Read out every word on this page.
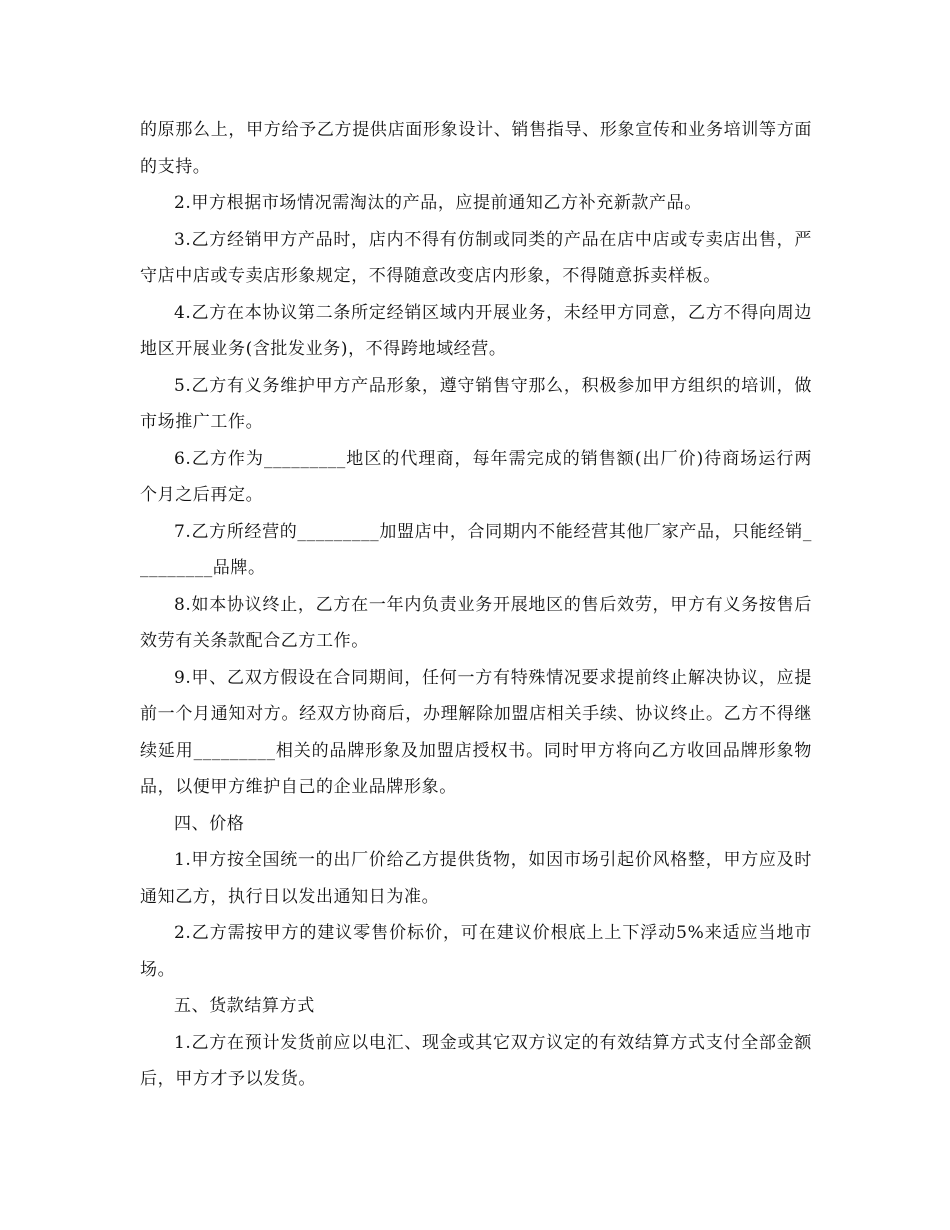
的原那么上，甲方给予乙方提供店面形象设计、销售指导、形象宣传和业务培训等方面的支持。

2.甲方根据市场情况需淘汰的产品，应提前通知乙方补充新款产品。

3.乙方经销甲方产品时，店内不得有仿制或同类的产品在店中店或专卖店出售，严守店中店或专卖店形象规定，不得随意改变店内形象，不得随意拆卖样板。

4.乙方在本协议第二条所定经销区域内开展业务，未经甲方同意，乙方不得向周边地区开展业务(含批发业务)，不得跨地域经营。

5.乙方有义务维护甲方产品形象，遵守销售守那么，积极参加甲方组织的培训，做市场推广工作。

6.乙方作为_________地区的代理商，每年需完成的销售额(出厂价)待商场运行两个月之后再定。

7.乙方所经营的_________加盟店中，合同期内不能经营其他厂家产品，只能经销_________品牌。

8.如本协议终止，乙方在一年内负责业务开展地区的售后效劳，甲方有义务按售后效劳有关条款配合乙方工作。

9.甲、乙双方假设在合同期间，任何一方有特殊情况要求提前终止解决协议，应提前一个月通知对方。经双方协商后，办理解除加盟店相关手续、协议终止。乙方不得继续延用_________相关的品牌形象及加盟店授权书。同时甲方将向乙方收回品牌形象物品，以便甲方维护自己的企业品牌形象。

四、价格

1.甲方按全国统一的出厂价给乙方提供货物，如因市场引起价风格整，甲方应及时通知乙方，执行日以发出通知日为准。

2.乙方需按甲方的建议零售价标价，可在建议价根底上上下浮动5%来适应当地市场。

五、货款结算方式

1.乙方在预计发货前应以电汇、现金或其它双方议定的有效结算方式支付全部金额后，甲方才予以发货。
